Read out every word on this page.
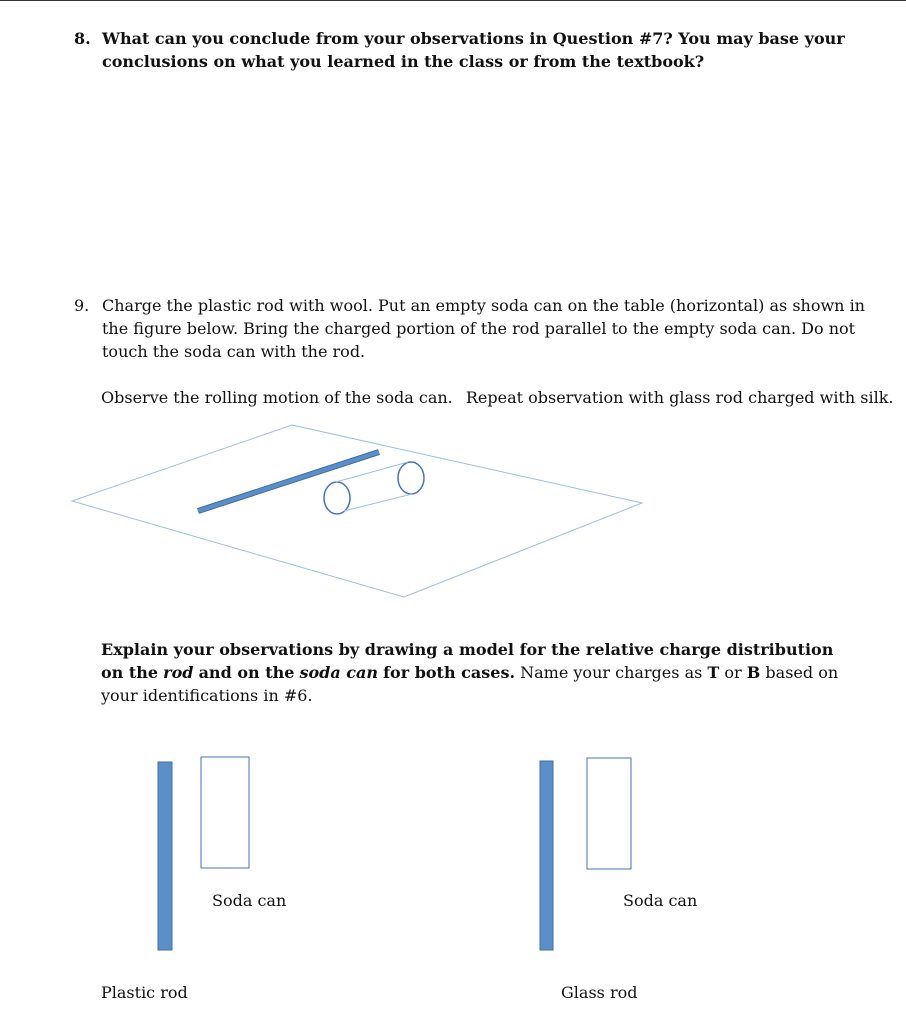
8. What can you conclude from your observations in Question #7? You may base your conclusions on what you learned in the class or from the textbook?
9. Charge the plastic rod with wool. Put an empty soda can on the table (horizontal) as shown in the figure below. Bring the charged portion of the rod parallel to the empty soda can. Do not touch the soda can with the rod.
Observe the rolling motion of the soda can. Repeat observation with glass rod charged with silk.
Explain your observations by drawing a model for the relative charge distribution on the rod and on the soda can for both cases. Name your charges as T or B based on your identifications in #6.
Soda can
Plastic rod
Soda can
Glass rod
